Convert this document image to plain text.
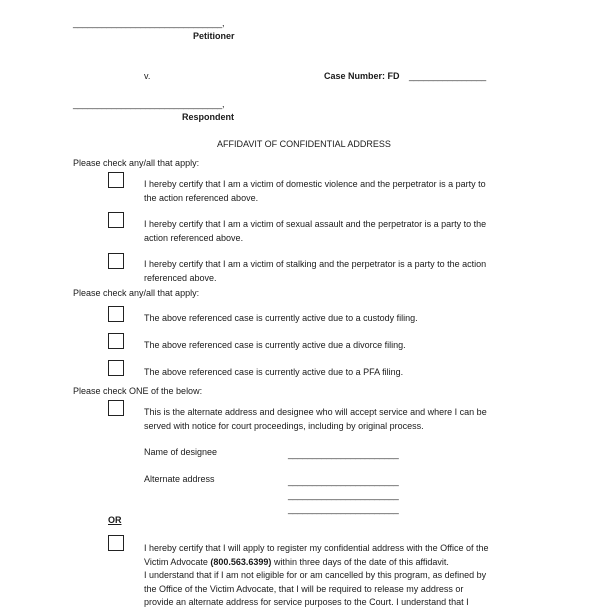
_______________________________,
Petitioner
v.	Case Number: FD ________________
_______________________________,
Respondent
AFFIDAVIT OF CONFIDENTIAL ADDRESS
Please check any/all that apply:
I hereby certify that I am a victim of domestic violence and the perpetrator is a party to
the action referenced above.
I hereby certify that I am a victim of sexual assault and the perpetrator is a party to the
action referenced above.
I hereby certify that I am a victim of stalking and the perpetrator is a party to the action
referenced above.
Please check any/all that apply:
The above referenced case is currently active due to a custody filing.
The above referenced case is currently active due a divorce filing.
The above referenced case is currently active due to a PFA filing.
Please check ONE of the below:
This is the alternate address and designee who will accept service and where I can be
served with notice for court proceedings, including by original process.
Name of designee	_______________________
Alternate address	_______________________
_______________________
_______________________
OR
I hereby certify that I will apply to register my confidential address with the Office of the
Victim Advocate (800.563.6399) within three days of the date of this affidavit.
I understand that if I am not eligible for or am cancelled by this program, as defined by
the Office of the Victim Advocate, that I will be required to release my address or
provide an alternate address for service purposes to the Court. I understand that I
